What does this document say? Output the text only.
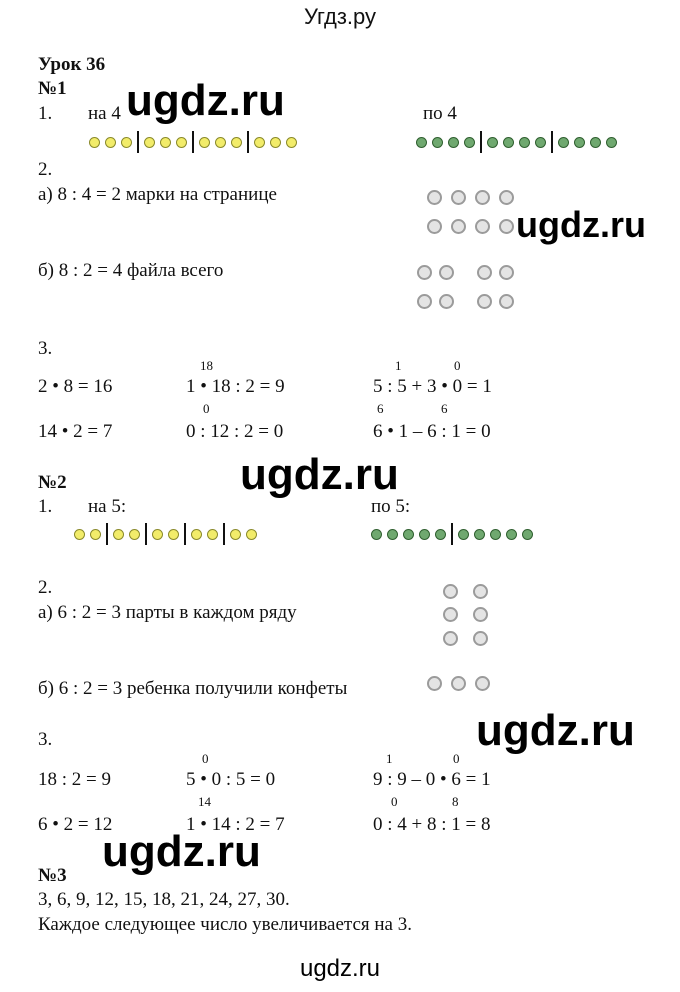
Угдз.ру
Урок 36
№1
1. на 4	по 4
2.
а) 8 : 4 = 2 марки на странице
б) 8 : 2 = 4 файла всего
3.
2 • 8 = 16
18
1 • 18 : 2 = 9
1	0
5 : 5 + 3 • 0 = 1
14 • 2 = 7
0
0 : 12 : 2 = 0
6	6
6 • 1 – 6 : 1 = 0
№2
1. на 5:	по 5:
2.
а) 6 : 2 = 3 парты в каждом ряду
б) 6 : 2 = 3 ребенка получили конфеты
3.
18 : 2 = 9
0
5 • 0 : 5 = 0
1	0
9 : 9 – 0 • 6 = 1
6 • 2 = 12
14
1 • 14 : 2 = 7
0	8
0 : 4 + 8 : 1 = 8
№3
3, 6, 9, 12, 15, 18, 21, 24, 27, 30.
Каждое следующее число увеличивается на 3.
ugdz.ru
ugdz.ru
ugdz.ru
ugdz.ru
ugdz.ru
ugdz.ru
